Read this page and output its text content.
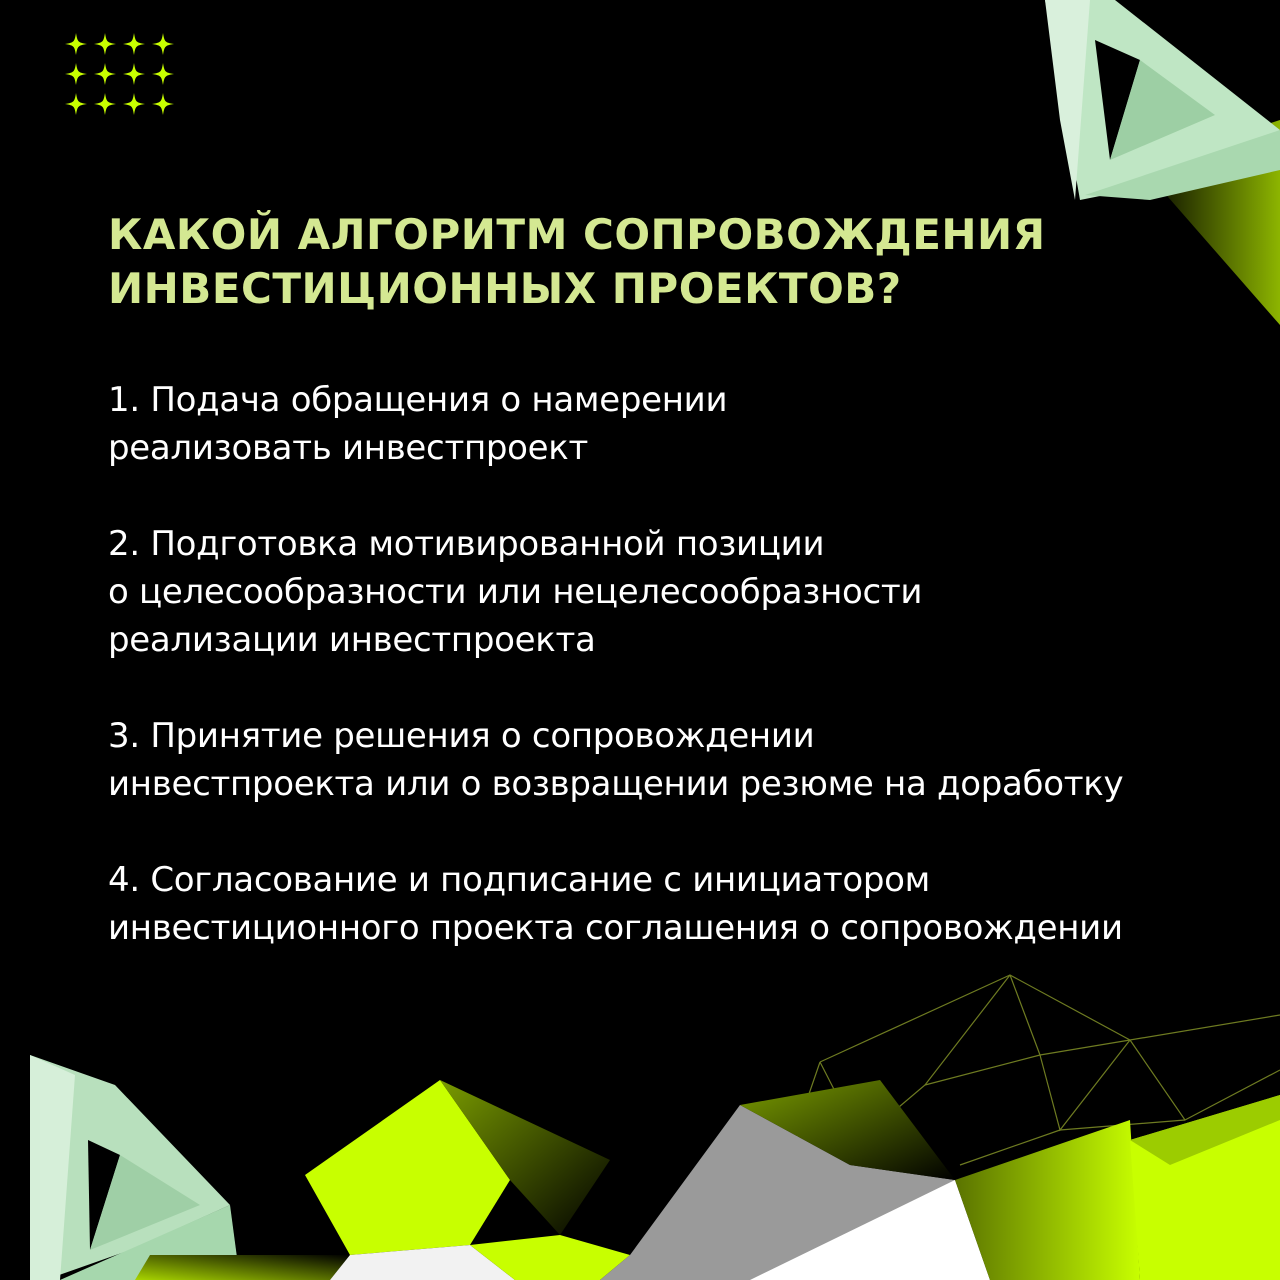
КАКОЙ АЛГОРИТМ СОПРОВОЖДЕНИЯ
ИНВЕСТИЦИОННЫХ ПРОЕКТОВ?
1. Подача обращения о намерении
реализовать инвестпроект
2. Подготовка мотивированной позиции
о целесообразности или нецелесообразности
реализации инвестпроекта
3. Принятие решения о сопровождении
инвестпроекта или о возвращении резюме на доработку
4. Согласование и подписание с инициатором
инвестиционного проекта соглашения о сопровождении
